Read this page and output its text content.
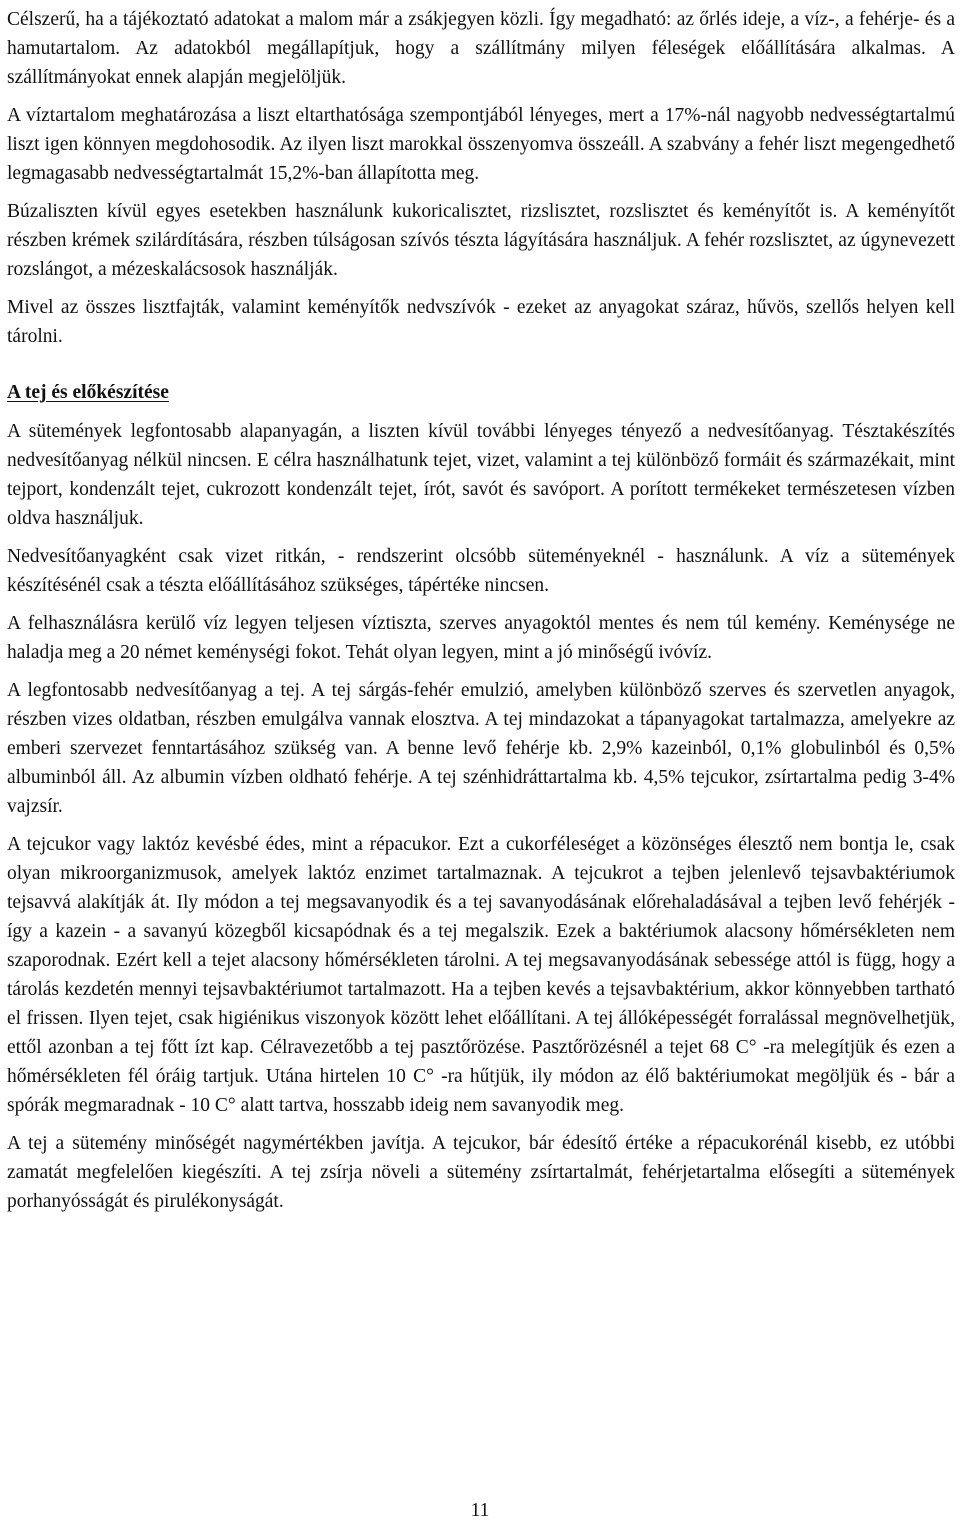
Célszerű, ha a tájékoztató adatokat a malom már a zsákjegyen közli. Így megadható: az őrlés ideje, a víz-, a fehérje- és a hamutartalom. Az adatokból megállapítjuk, hogy a szállítmány milyen féleségek előállítására alkalmas. A szállítmányokat ennek alapján megjelöljük.

A víztartalom meghatározása a liszt eltarthatósága szempontjából lényeges, mert a 17%-nál nagyobb nedvességtartalmú liszt igen könnyen megdohosodik. Az ilyen liszt marokkal összenyomva összeáll. A szabvány a fehér liszt megengedhető legmagasabb nedvességtartalmát 15,2%-ban állapította meg.

Búzaliszten kívül egyes esetekben használunk kukoricalisztet, rizslisztet, rozslisztet és keményítőt is. A keményítőt részben krémek szilárdítására, részben túlságosan szívós tészta lágyítására használjuk. A fehér rozslisztet, az úgynevezett rozslángot, a mézeskalácsosok használják.

Mivel az összes lisztfajták, valamint keményítők nedvszívók - ezeket az anyagokat száraz, hűvös, szellős helyen kell tárolni.

A tej és előkészítése

A sütemények legfontosabb alapanyagán, a liszten kívül további lényeges tényező a nedvesítőanyag. Tésztakészítés nedvesítőanyag nélkül nincsen. E célra használhatunk tejet, vizet, valamint a tej különböző formáit és származékait, mint tejport, kondenzált tejet, cukrozott kondenzált tejet, írót, savót és savóport. A porított termékeket természetesen vízben oldva használjuk.

Nedvesítőanyagként csak vizet ritkán, - rendszerint olcsóbb süteményeknél - használunk. A víz a sütemények készítésénél csak a tészta előállításához szükséges, tápértéke nincsen.

A felhasználásra kerülő víz legyen teljesen víztiszta, szerves anyagoktól mentes és nem túl kemény. Keménysége ne haladja meg a 20 német keménységi fokot. Tehát olyan legyen, mint a jó minőségű ivóvíz.

A legfontosabb nedvesítőanyag a tej. A tej sárgás-fehér emulzió, amelyben különböző szerves és szervetlen anyagok, részben vizes oldatban, részben emulgálva vannak elosztva. A tej mindazokat a tápanyagokat tartalmazza, amelyekre az emberi szervezet fenntartásához szükség van. A benne levő fehérje kb. 2,9% kazeinból, 0,1% globulinból és 0,5% albuminból áll. Az albumin vízben oldható fehérje. A tej szénhidráttartalma kb. 4,5% tejcukor, zsírtartalma pedig 3-4% vajzsír.

A tejcukor vagy laktóz kevésbé édes, mint a répacukor. Ezt a cukorféleséget a közönséges élesztő nem bontja le, csak olyan mikroorganizmusok, amelyek laktóz enzimet tartalmaznak. A tejcukrot a tejben jelenlevő tejsavbaktériumok tejsavvá alakítják át. Ily módon a tej megsavanyodik és a tej savanyodásának előrehaladásával a tejben levő fehérjék - így a kazein - a savanyú közegből kicsapódnak és a tej megalszik. Ezek a baktériumok alacsony hőmérsékleten nem szaporodnak. Ezért kell a tejet alacsony hőmérsékleten tárolni. A tej megsavanyodásának sebessége attól is függ, hogy a tárolás kezdetén mennyi tejsavbaktériumot tartalmazott. Ha a tejben kevés a tejsavbaktérium, akkor könnyebben tartható el frissen. Ilyen tejet, csak higiénikus viszonyok között lehet előállítani. A tej állóképességét forralással megnövelhetjük, ettől azonban a tej főtt ízt kap. Célravezetőbb a tej pasztőrözése. Pasztőrözésnél a tejet 68 C° -ra melegítjük és ezen a hőmérsékleten fél óráig tartjuk. Utána hirtelen 10 C° -ra hűtjük, ily módon az élő baktériumokat megöljük és - bár a spórák megmaradnak - 10 C° alatt tartva, hosszabb ideig nem savanyodik meg.

A tej a sütemény minőségét nagymértékben javítja. A tejcukor, bár édesítő értéke a répacukorénál kisebb, ez utóbbi zamatát megfelelően kiegészíti. A tej zsírja növeli a sütemény zsírtartalmát, fehérjetartalma elősegíti a sütemények porhanyósságát és pirulékonyságát.

11
